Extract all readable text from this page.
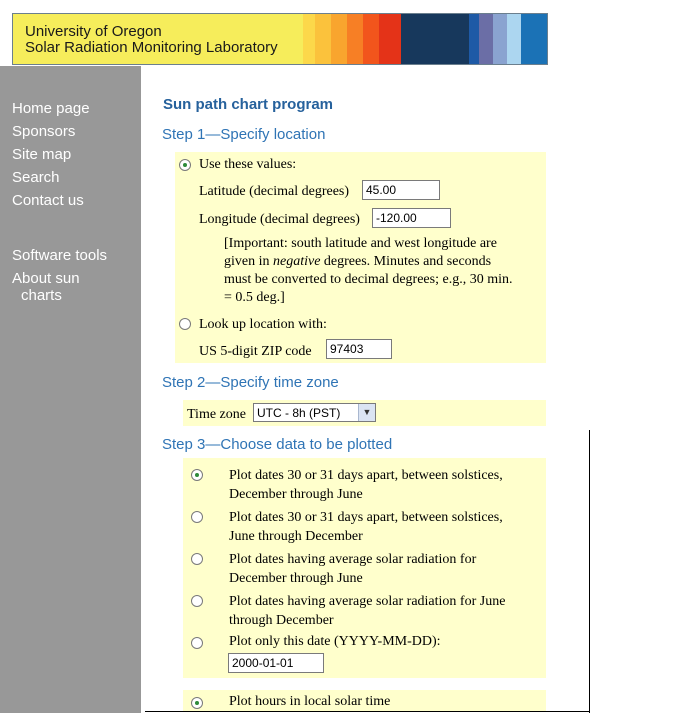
University of Oregon
Solar Radiation Monitoring Laboratory
Home page
Sponsors
Site map
Search
Contact us
Software tools
About sun
charts
Sun path chart program
Step 1—Specify location
Use these values:
Latitude (decimal degrees)
45.00
Longitude (decimal degrees)
-120.00
[Important: south latitude and west longitude are
given in negative degrees. Minutes and seconds
must be converted to decimal degrees; e.g., 30 min.
= 0.5 deg.]
Look up location with:
US 5-digit ZIP code
97403
Step 2—Specify time zone
Time zone UTC - 8h (PST)	▼
Step 3—Choose data to be plotted
Plot dates 30 or 31 days apart, between solstices,
December through June
Plot dates 30 or 31 days apart, between solstices,
June through December
Plot dates having average solar radiation for
December through June
Plot dates having average solar radiation for June
through December
Plot only this date (YYYY-MM-DD):
2000-01-01
Plot hours in local solar time
